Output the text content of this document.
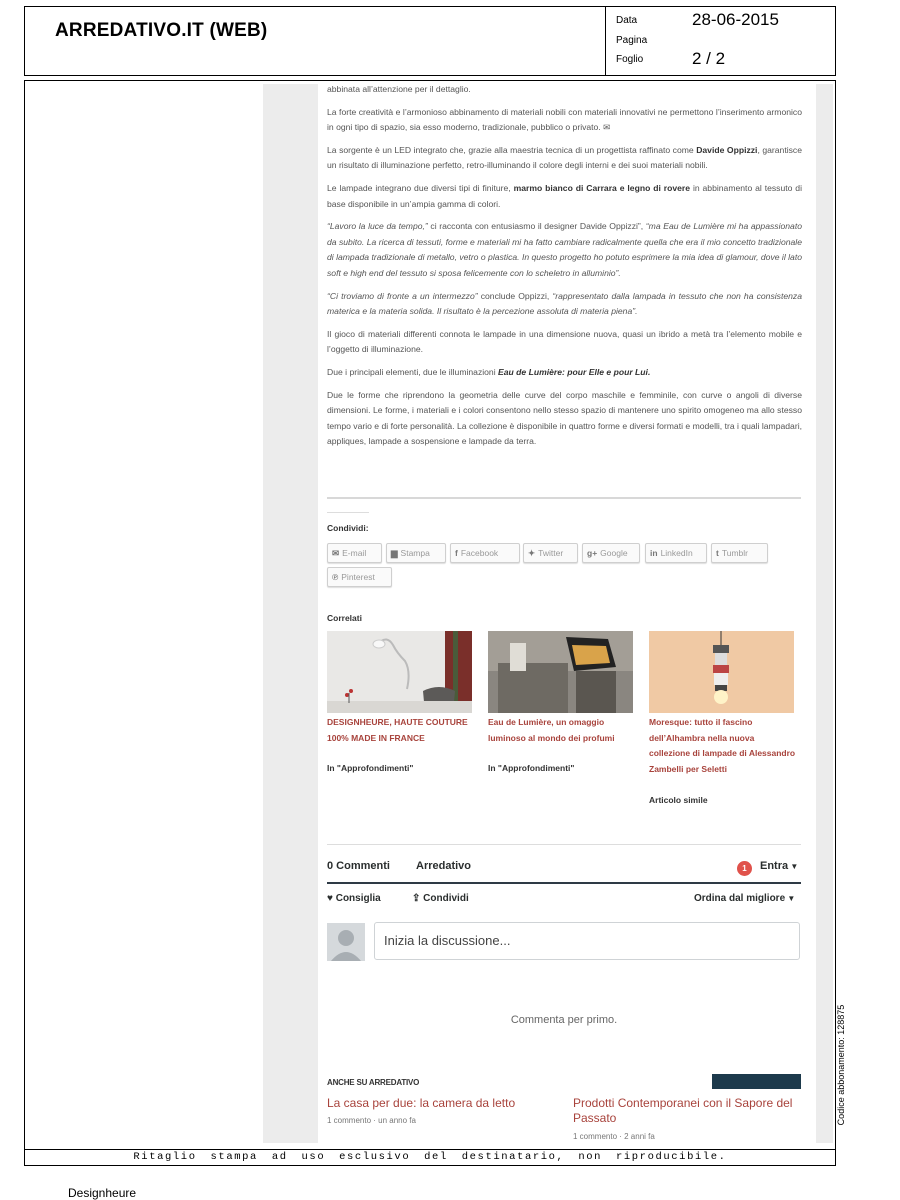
ARREDATIVO.IT (WEB)	Data	28-06-2015
Pagina
Foglio	2 / 2

abbinata all’attenzione per il dettaglio.

La forte creatività e l’armonioso abbinamento di materiali nobili con materiali innovativi ne permettono l’inserimento armonico in ogni tipo di spazio, sia esso moderno, tradizionale, pubblico o privato. ✉

La sorgente è un LED integrato che, grazie alla maestria tecnica di un progettista raffinato come Davide Oppizzi, garantisce un risultato di illuminazione perfetto, retro-illuminando il colore degli interni e dei suoi materiali nobili.

Le lampade integrano due diversi tipi di finiture, marmo bianco di Carrara e legno di rovere in abbinamento al tessuto di base disponibile in un’ampia gamma di colori.

“Lavoro la luce da tempo,” ci racconta con entusiasmo il designer Davide Oppizzi”, “ma Eau de Lumière mi ha appassionato da subito. La ricerca di tessuti, forme e materiali mi ha fatto cambiare radicalmente quella che era il mio concetto tradizionale di lampada tradizionale di metallo, vetro o plastica. In questo progetto ho potuto esprimere la mia idea di glamour, dove il lato soft e high end del tessuto si sposa felicemente con lo scheletro in alluminio”.

“Ci troviamo di fronte a un intermezzo” conclude Oppizzi, “rappresentato dalla lampada in tessuto che non ha consistenza materica e la materia solida. Il risultato è la percezione assoluta di materia piena”.

Il gioco di materiali differenti connota le lampade in una dimensione nuova, quasi un ibrido a metà tra l’elemento mobile e l’oggetto di illuminazione.

Due i principali elementi, due le illuminazioni Eau de Lumière: pour Elle e pour Lui.

Due le forme che riprendono la geometria delle curve del corpo maschile e femminile, con curve o angoli di diverse dimensioni. Le forme, i materiali e i colori consentono nello stesso spazio di mantenere uno spirito omogeneo ma allo stesso tempo vario e di forte personalità. La collezione è disponibile in quattro forme e diversi formati e modelli, tra i quali lampadari, appliques, lampade a sospensione e lampade da terra.

Condividi:
✉ E-mail	▆ Stampa	f Facebook	✦ Twitter	g+ Google	in LinkedIn	t Tumblr
℗ Pinterest
Correlati
DESIGNHEURE, HAUTE COUTURE 100% MADE IN FRANCE
In "Approfondimenti"
Eau de Lumière, un omaggio luminoso al mondo dei profumi
In "Approfondimenti"
Moresque: tutto il fascino dell’Alhambra nella nuova collezione di lampade di Alessandro Zambelli per Seletti
Articolo simile
0 Commenti Arredativo	1	Entra ▼
♥ Consiglia	⇪ Condividi	Ordina dal migliore ▼
Inizia la discussione...
Commenta per primo.
ANCHE SU ARREDATIVO
La casa per due: la camera da letto
1 commento · un anno fa
Prodotti Contemporanei con il Sapore del Passato
1 commento · 2 anni fa
Codice abbonamento: 128875
Ritaglio stampa ad uso esclusivo del destinatario, non riproducibile.
Designheure
